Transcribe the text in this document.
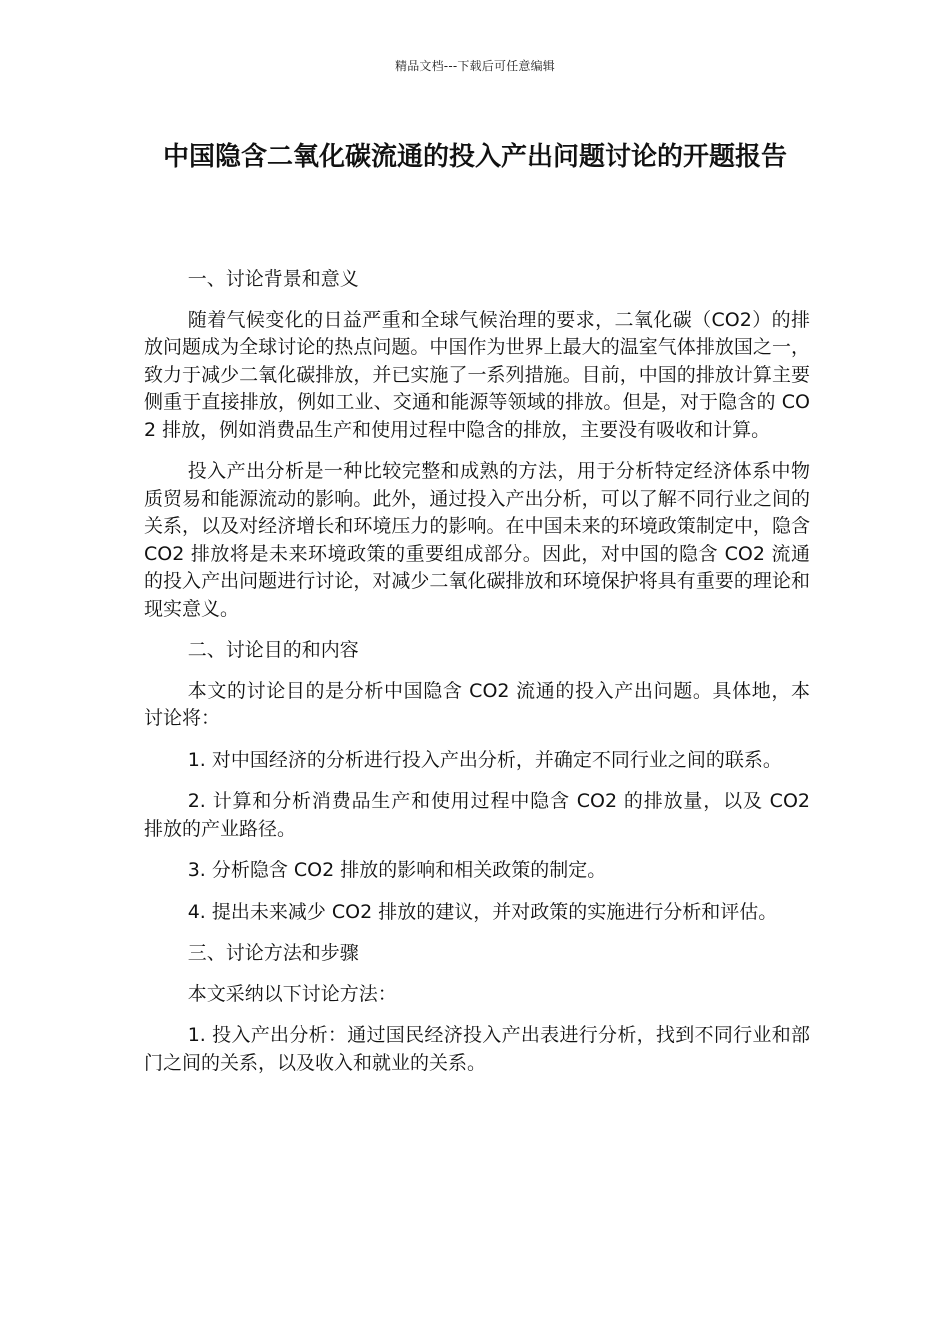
精品文档---下载后可任意编辑
中国隐含二氧化碳流通的投入产出问题讨论的开题报告

一、讨论背景和意义

随着气候变化的日益严重和全球气候治理的要求，二氧化碳（CO2）的排放问题成为全球讨论的热点问题。中国作为世界上最大的温室气体排放国之一，致力于减少二氧化碳排放，并已实施了一系列措施。目前，中国的排放计算主要侧重于直接排放，例如工业、交通和能源等领域的排放。但是，对于隐含的 CO2 排放，例如消费品生产和使用过程中隐含的排放，主要没有吸收和计算。

投入产出分析是一种比较完整和成熟的方法，用于分析特定经济体系中物质贸易和能源流动的影响。此外，通过投入产出分析，可以了解不同行业之间的关系，以及对经济增长和环境压力的影响。在中国未来的环境政策制定中，隐含 CO2 排放将是未来环境政策的重要组成部分。因此，对中国的隐含 CO2 流通的投入产出问题进行讨论，对减少二氧化碳排放和环境保护将具有重要的理论和现实意义。

二、讨论目的和内容

本文的讨论目的是分析中国隐含 CO2 流通的投入产出问题。具体地，本讨论将：

1. 对中国经济的分析进行投入产出分析，并确定不同行业之间的联系。

2. 计算和分析消费品生产和使用过程中隐含 CO2 的排放量，以及 CO2 排放的产业路径。

3. 分析隐含 CO2 排放的影响和相关政策的制定。

4. 提出未来减少 CO2 排放的建议，并对政策的实施进行分析和评估。

三、讨论方法和步骤

本文采纳以下讨论方法：

1. 投入产出分析：通过国民经济投入产出表进行分析，找到不同行业和部门之间的关系，以及收入和就业的关系。
